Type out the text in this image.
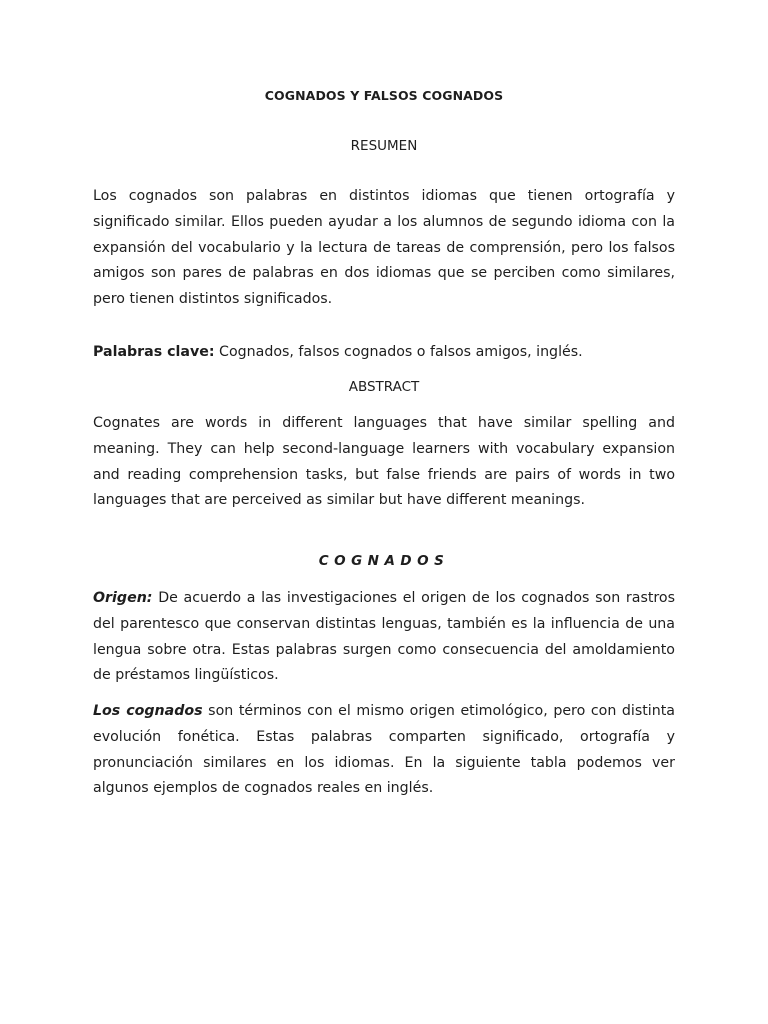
COGNADOS Y FALSOS COGNADOS
RESUMEN
Los cognados son palabras en distintos idiomas que tienen ortografía y significado similar. Ellos pueden ayudar a los alumnos de segundo idioma con la expansión del vocabulario y la lectura de tareas de comprensión, pero los falsos amigos son pares de palabras en dos idiomas que se perciben como similares, pero tienen distintos significados.
Palabras clave: Cognados, falsos cognados o falsos amigos, inglés.
ABSTRACT
Cognates are words in different languages that have similar spelling and meaning. They can help second-language learners with vocabulary expansion and reading comprehension tasks, but false friends are pairs of words in two languages that are perceived as similar but have different meanings.
COGNADOS
Origen: De acuerdo a las investigaciones el origen de los cognados son rastros del parentesco que conservan distintas lenguas, también es la influencia de una lengua sobre otra. Estas palabras surgen como consecuencia del amoldamiento de préstamos lingüísticos.
Los cognados son términos con el mismo origen etimológico, pero con distinta evolución fonética. Estas palabras comparten significado, ortografía y pronunciación similares en los idiomas. En la siguiente tabla podemos ver algunos ejemplos de cognados reales en inglés.
